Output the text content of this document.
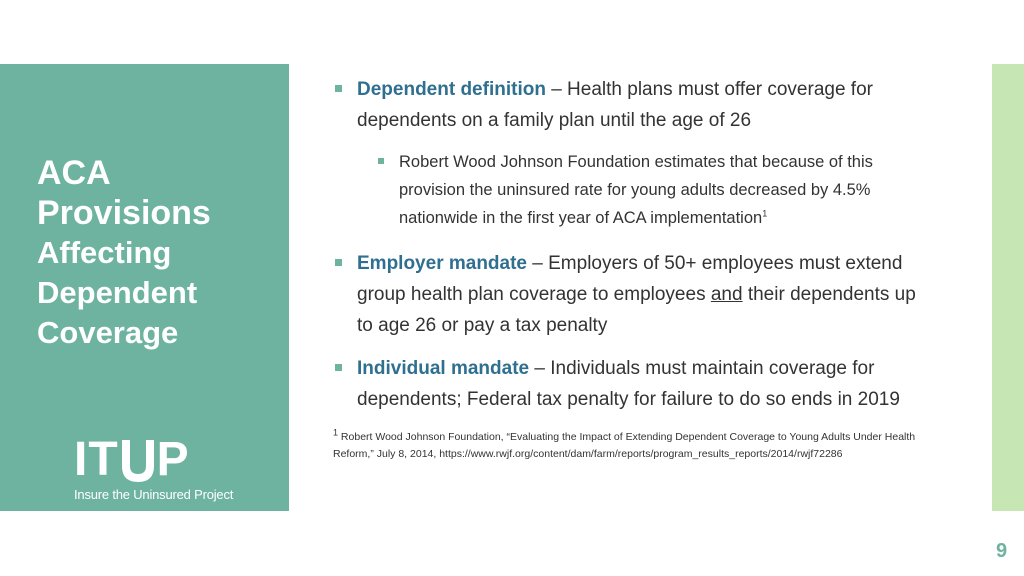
ACA
Provisions
Affecting
Dependent
Coverage
I T P
Insure the Uninsured Project
Dependent definition – Health plans must offer coverage for dependents on a family plan until the age of 26
Robert Wood Johnson Foundation estimates that because of this provision the uninsured rate for young adults decreased by 4.5% nationwide in the first year of ACA implementation$^1$
Employer mandate – Employers of 50+ employees must extend group health plan coverage to employees and their dependents up to age 26 or pay a tax penalty
Individual mandate – Individuals must maintain coverage for dependents; Federal tax penalty for failure to do so ends in 2019
$^1$ Robert Wood Johnson Foundation, “Evaluating the Impact of Extending Dependent Coverage to Young Adults Under Health Reform,” July 8, 2014, https://www.rwjf.org/content/dam/farm/reports/program_results_reports/2014/rwjf72286
9
